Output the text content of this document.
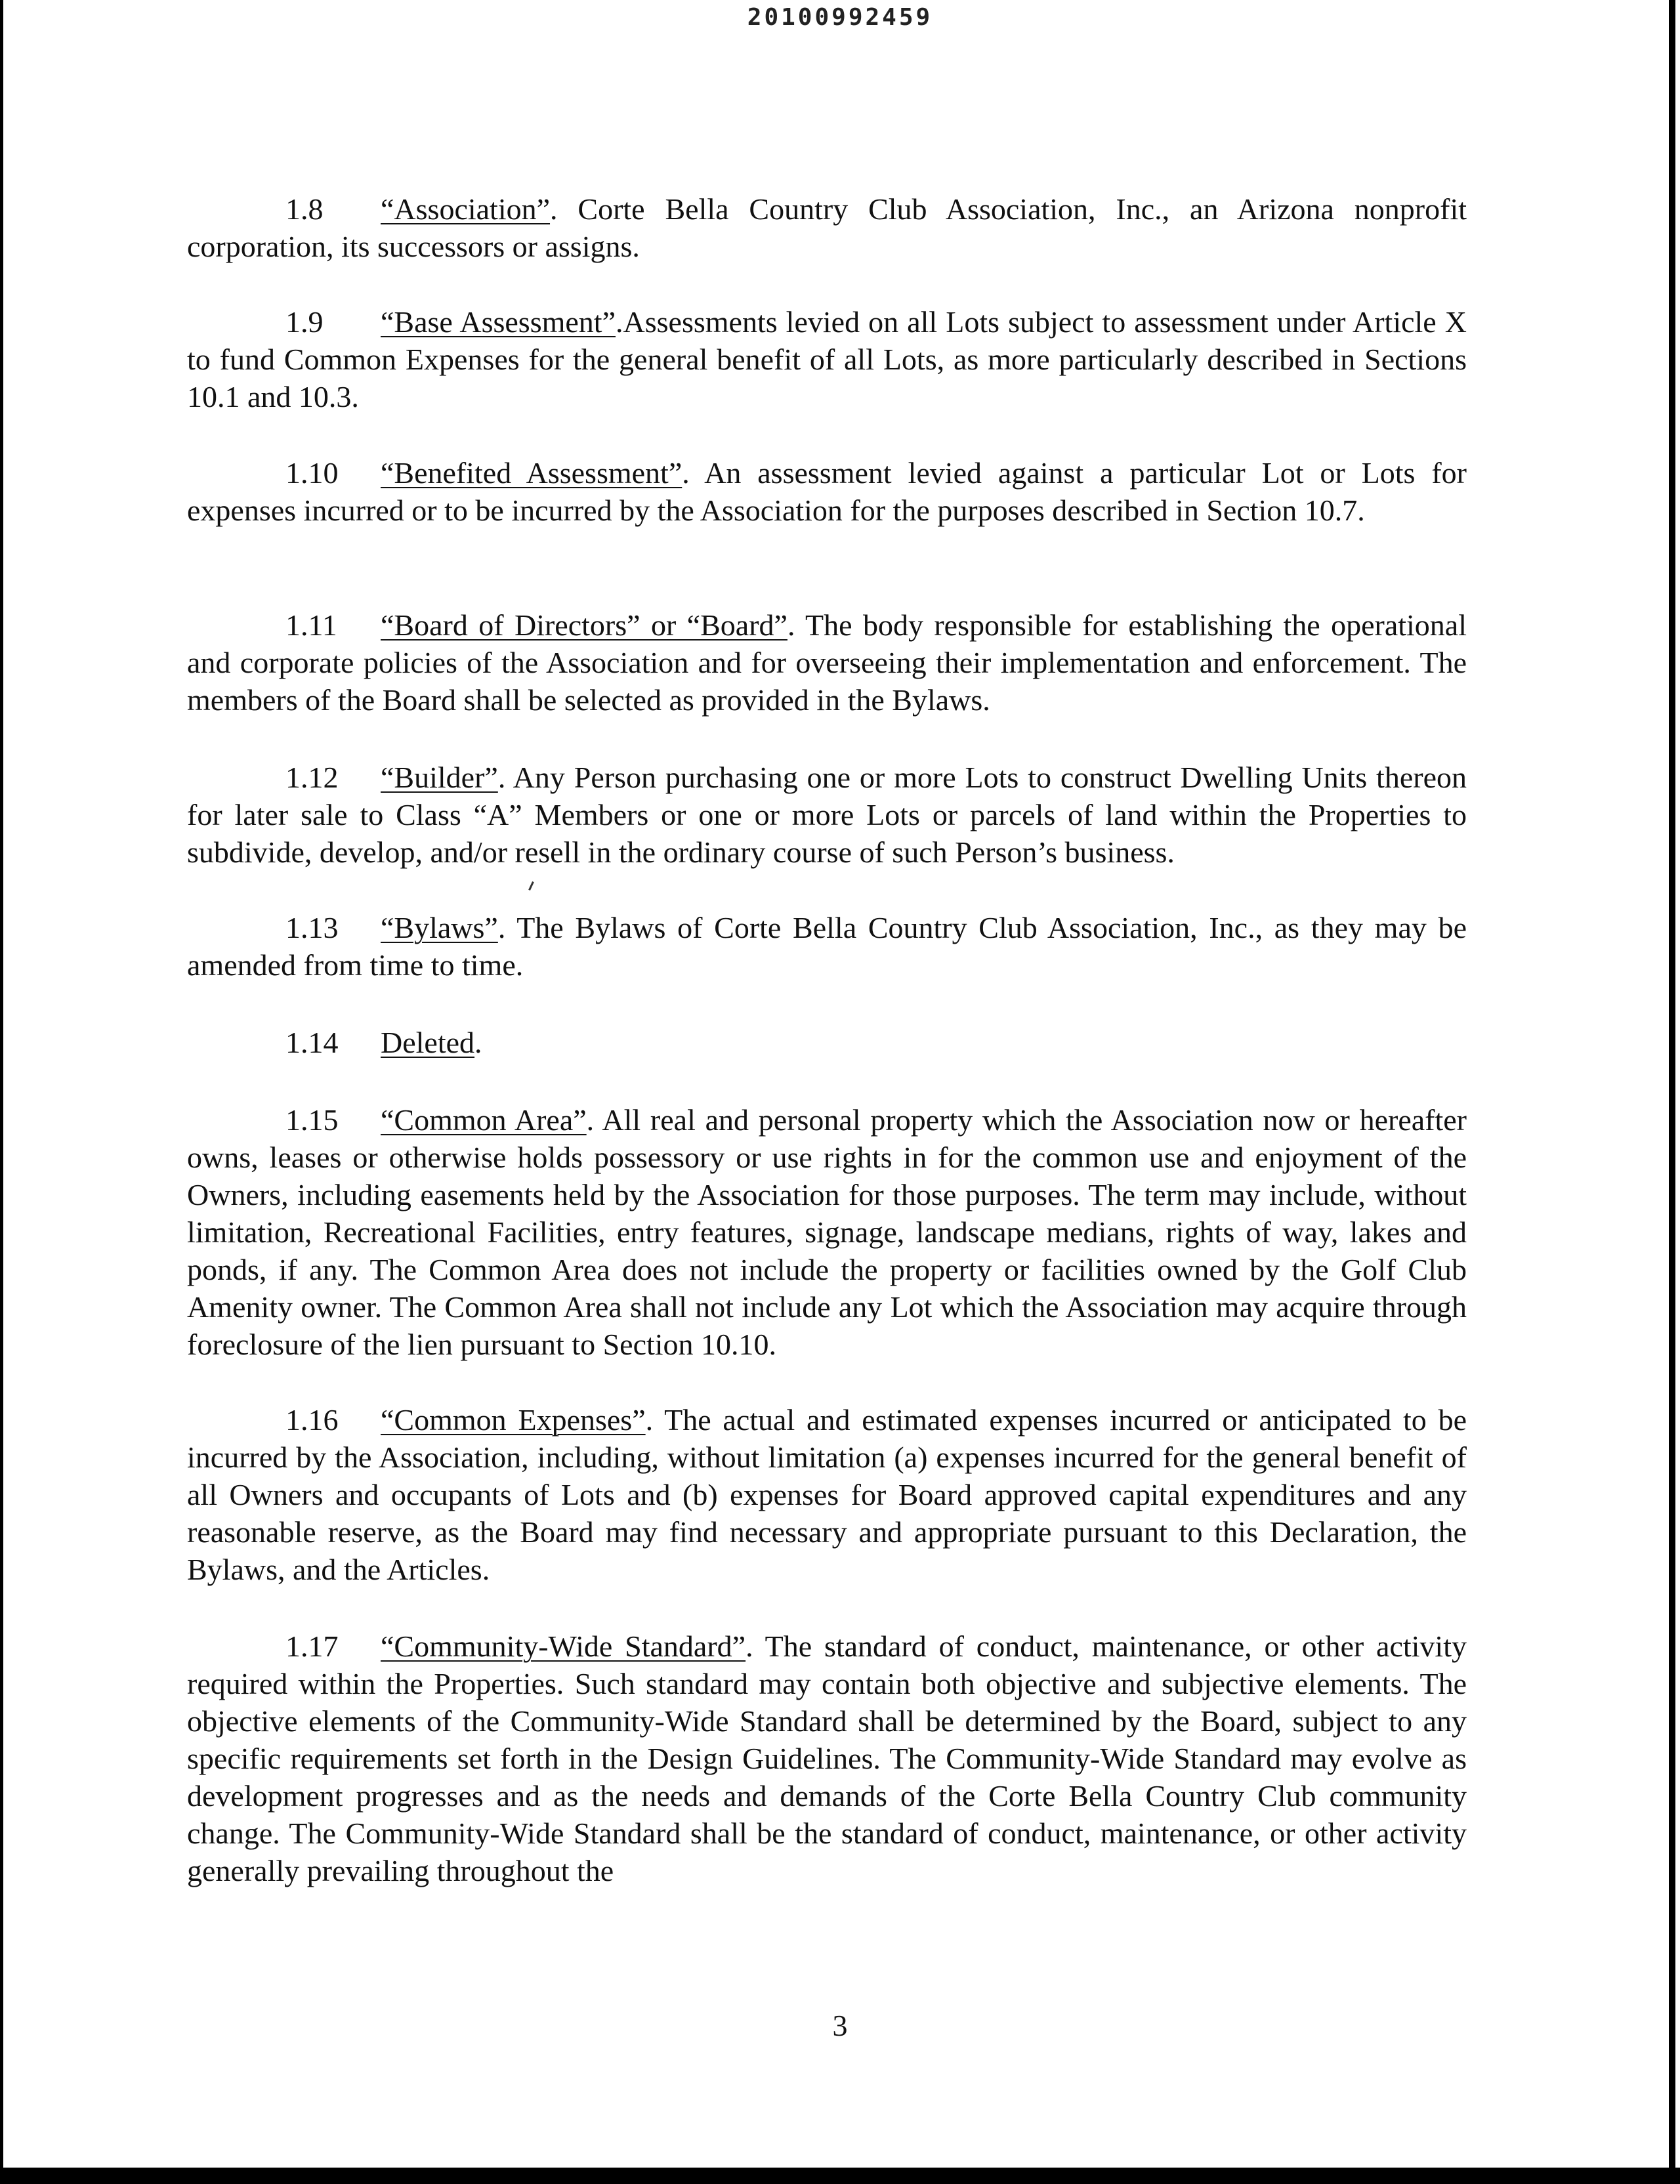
20100992459

1.8 “Association”. Corte Bella Country Club Association, Inc., an Arizona nonprofit corporation, its successors or assigns.

1.9 “Base Assessment”.Assessments levied on all Lots subject to assessment under Article X to fund Common Expenses for the general benefit of all Lots, as more particularly described in Sections 10.1 and 10.3.

1.10 “Benefited Assessment”. An assessment levied against a particular Lot or Lots for expenses incurred or to be incurred by the Association for the purposes described in Section 10.7.

1.11 “Board of Directors” or “Board”. The body responsible for establishing the operational and corporate policies of the Association and for overseeing their implementation and enforcement. The members of the Board shall be selected as provided in the Bylaws.

1.12 “Builder”. Any Person purchasing one or more Lots to construct Dwelling Units thereon for later sale to Class “A” Members or one or more Lots or parcels of land within the Properties to subdivide, develop, and/or resell in the ordinary course of such Person’s business.

1.13 “Bylaws”. The Bylaws of Corte Bella Country Club Association, Inc., as they may be amended from time to time.

1.14 Deleted.

1.15 “Common Area”. All real and personal property which the Association now or hereafter owns, leases or otherwise holds possessory or use rights in for the common use and enjoyment of the Owners, including easements held by the Association for those purposes. The term may include, without limitation, Recreational Facilities, entry features, signage, landscape medians, rights of way, lakes and ponds, if any. The Common Area does not include the property or facilities owned by the Golf Club Amenity owner. The Common Area shall not include any Lot which the Association may acquire through foreclosure of the lien pursuant to Section 10.10.

1.16 “Common Expenses”. The actual and estimated expenses incurred or anticipated to be incurred by the Association, including, without limitation (a) expenses incurred for the general benefit of all Owners and occupants of Lots and (b) expenses for Board approved capital expenditures and any reasonable reserve, as the Board may find necessary and appropriate pursuant to this Declaration, the Bylaws, and the Articles.

1.17 “Community-Wide Standard”. The standard of conduct, maintenance, or other activity required within the Properties. Such standard may contain both objective and subjective elements. The objective elements of the Community-Wide Standard shall be determined by the Board, subject to any specific requirements set forth in the Design Guidelines. The Community-Wide Standard may evolve as development progresses and as the needs and demands of the Corte Bella Country Club community change. The Community-Wide Standard shall be the standard of conduct, maintenance, or other activity generally prevailing throughout the

3
